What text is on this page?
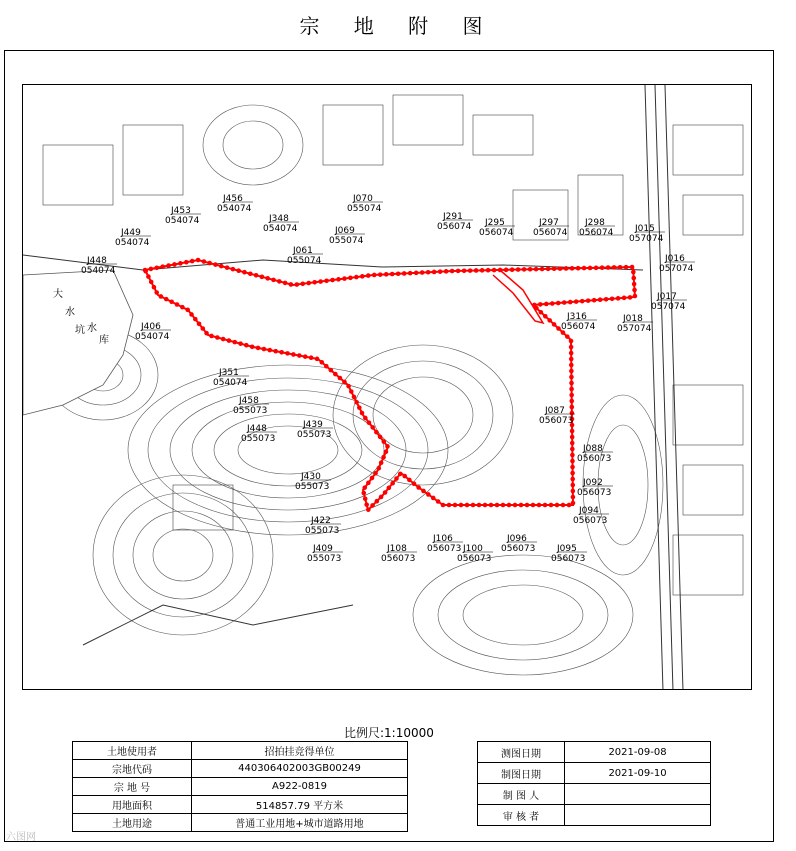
宗 地 附 图
大
水
坑 水
库
J453
054074
J456
054074
J449
054074
J348
054074
J070
055074
J069
055074
J061
055074
J448
054074
J291
056074 J295
056074
J297
056074
J298
056074 J015
057074
J016
057074
J017
057074
J316
056074
J018
057074
J406
054074
J351
054074
J458
055073
J448
055073
J439
055073
J087
056073
J088
056073
J092
056073
J094
056073
J430
055073
J422
055073
J409
055073
J108
056073
J106
056073 J100
056073
J096
056073 J095
056073
比例尺:1:10000
土地使用者	招拍挂竞得单位
宗地代码	440306402003GB00249
宗 地 号	A922-0819
用地面积	514857.79 平方米
土地用途	普通工业用地+城市道路用地
测图日期	2021-09-08
制图日期	2021-09-10
制 图 人	
审 核 者	
六图网
